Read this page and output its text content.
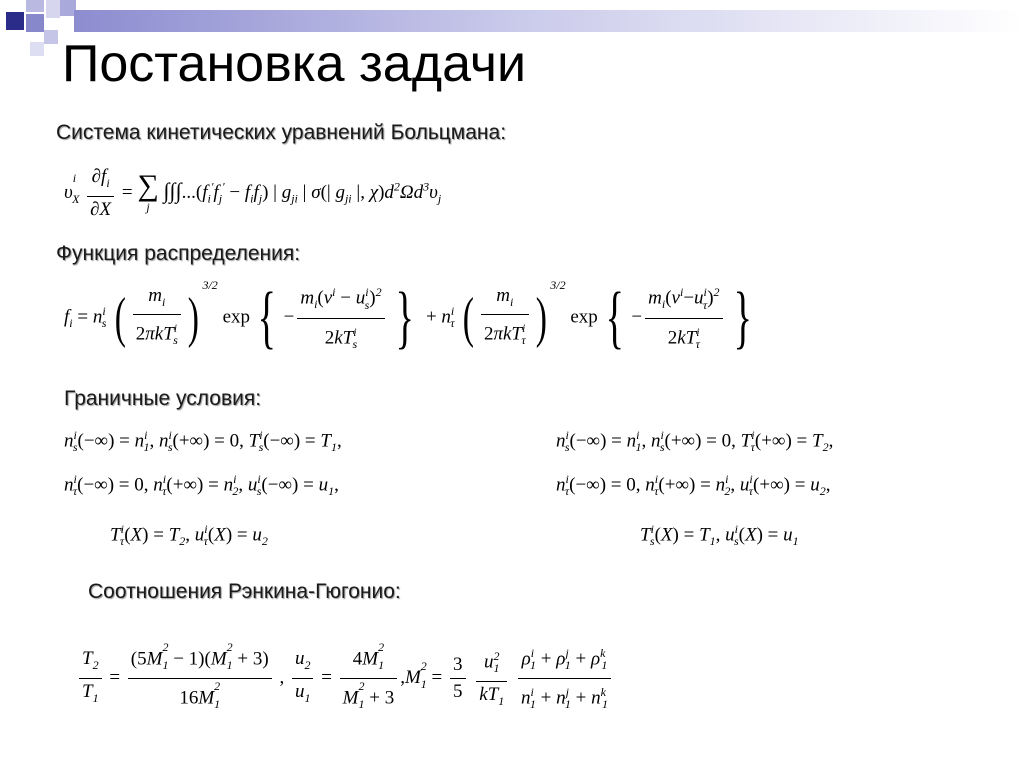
Постановка задачи
Система кинетических уравнений Больцмана:
$\upsilon^i_X \frac{\partial f_i}{\partial X}$ = ∑
j
$\int\int\int...(f_i'f_j' - f_if_j)$ | $g_{ji}$ | σ(| $g_{ji}$ |, $\chi)d^2\Omega d^3\upsilon_j$
Функция распределения:
$f_i = n^i_s$ ( $\frac{m_i}{2\pi kT^i_s} )^{3/2}$ exp { − $\frac{m_i(v^i - u^i_s)^2}{2kT^i_s}$ } + $n^i_\tau$ ( $\frac{m_i}{2\pi kT^i_\tau} )^{3/2}$ exp { − $\frac{m_i(v^i-u^i_\tau)^2}{2kT^i_\tau}$ }
Граничные условия:
$n^i_s(-\infty) = n^i_1$, $n^i_s(+\infty) = 0$, $T^i_s(-\infty) = T_1$,
$n^i_\tau(-\infty) = 0$, $n^i_\tau(+\infty) = n^i_2$, $u^i_s(-\infty) = u_1$,
$T^i_\tau(X) = T_2$, $u^i_\tau(X) = u_2$
$n^i_s(-\infty) = n^i_1$, $n^i_s(+\infty) = 0$, $T^i_\tau(+\infty) = T_2$,
$n^i_\tau(-\infty) = 0$, $n^i_\tau(+\infty) = n^i_2$, $u^i_\tau(+\infty) = u_2$,
$T^i_s(X) = T_1$, $u^i_s(X) = u_1$
Соотношения Рэнкина-Гюгонио:
$\frac{T_2}{T_1} = \frac{(5M_1^2 - 1)(M_1^2 + 3)}{16M_1^2}$ , $\frac{u_2}{u_1} = \frac{4M_1^2}{M_1^2 + 3} ,M_1^2 = \frac{3}{5}$
$\frac{u^2_1}{kT_1}$
$\frac{\rho^i_1 + \rho^j_1 + \rho^k_1}{n^i_1 + n^j_1 + n^k_1}$
